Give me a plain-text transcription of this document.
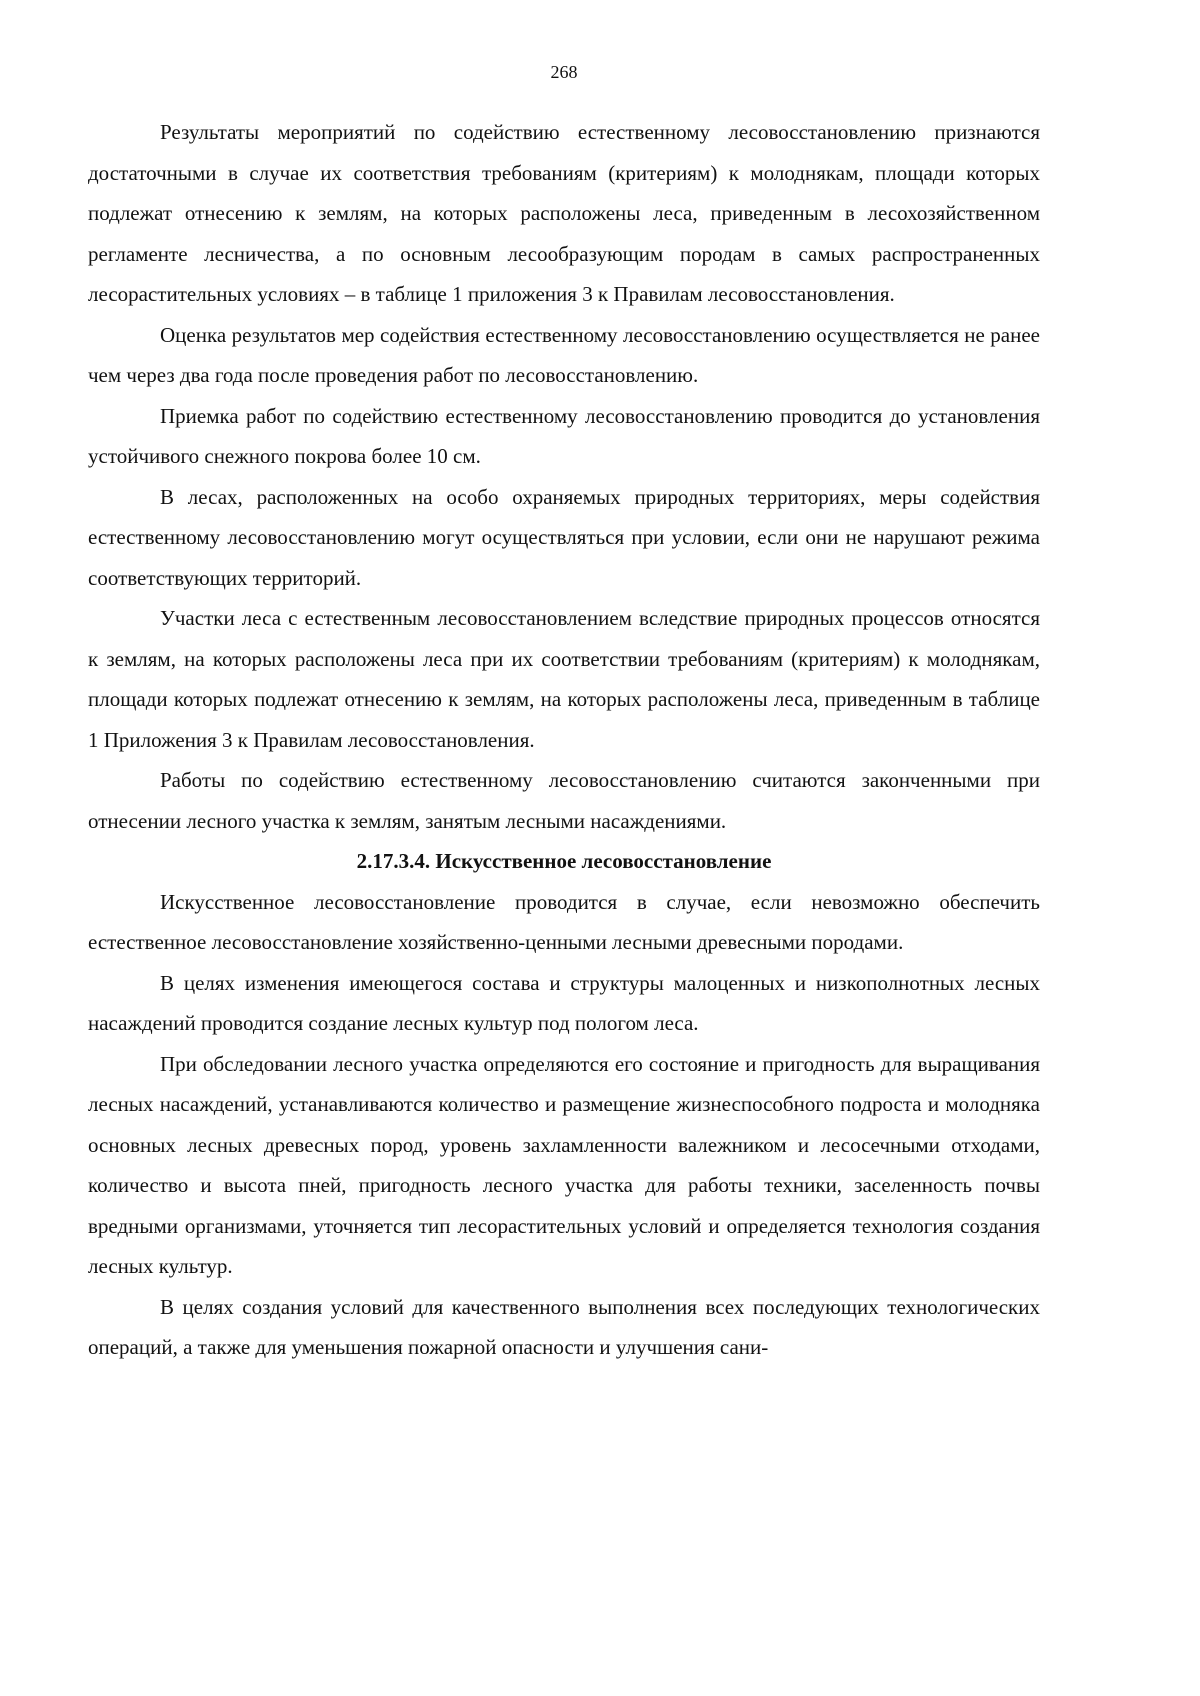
268

Результаты мероприятий по содействию естественному лесовосстановлению признаются достаточными в случае их соответствия требованиям (критериям) к молоднякам, площади которых подлежат отнесению к землям, на которых расположены леса, приведенным в лесохозяйственном регламенте лесничества, а по основным лесообразующим породам в самых распространенных лесорастительных условиях – в таблице 1 приложения 3 к Правилам лесовосстановления.

Оценка результатов мер содействия естественному лесовосстановлению осуществляется не ранее чем через два года после проведения работ по лесовосстановлению.

Приемка работ по содействию естественному лесовосстановлению проводится до установления устойчивого снежного покрова более 10 см.

В лесах, расположенных на особо охраняемых природных территориях, меры содействия естественному лесовосстановлению могут осуществляться при условии, если они не нарушают режима соответствующих территорий.

Участки леса с естественным лесовосстановлением вследствие природных процессов относятся к землям, на которых расположены леса при их соответствии требованиям (критериям) к молоднякам, площади которых подлежат отнесению к землям, на которых расположены леса, приведенным в таблице 1 Приложения 3 к Правилам лесовосстановления.

Работы по содействию естественному лесовосстановлению считаются законченными при отнесении лесного участка к землям, занятым лесными насаждениями.

2.17.3.4. Искусственное лесовосстановление

Искусственное лесовосстановление проводится в случае, если невозможно обеспечить естественное лесовосстановление хозяйственно-ценными лесными древесными породами.

В целях изменения имеющегося состава и структуры малоценных и низкополнотных лесных насаждений проводится создание лесных культур под пологом леса.

При обследовании лесного участка определяются его состояние и пригодность для выращивания лесных насаждений, устанавливаются количество и размещение жизнеспособного подроста и молодняка основных лесных древесных пород, уровень захламленности валежником и лесосечными отходами, количество и высота пней, пригодность лесного участка для работы техники, заселенность почвы вредными организмами, уточняется тип лесорастительных условий и определяется технология создания лесных культур.

В целях создания условий для качественного выполнения всех последующих технологических операций, а также для уменьшения пожарной опасности и улучшения сани-
